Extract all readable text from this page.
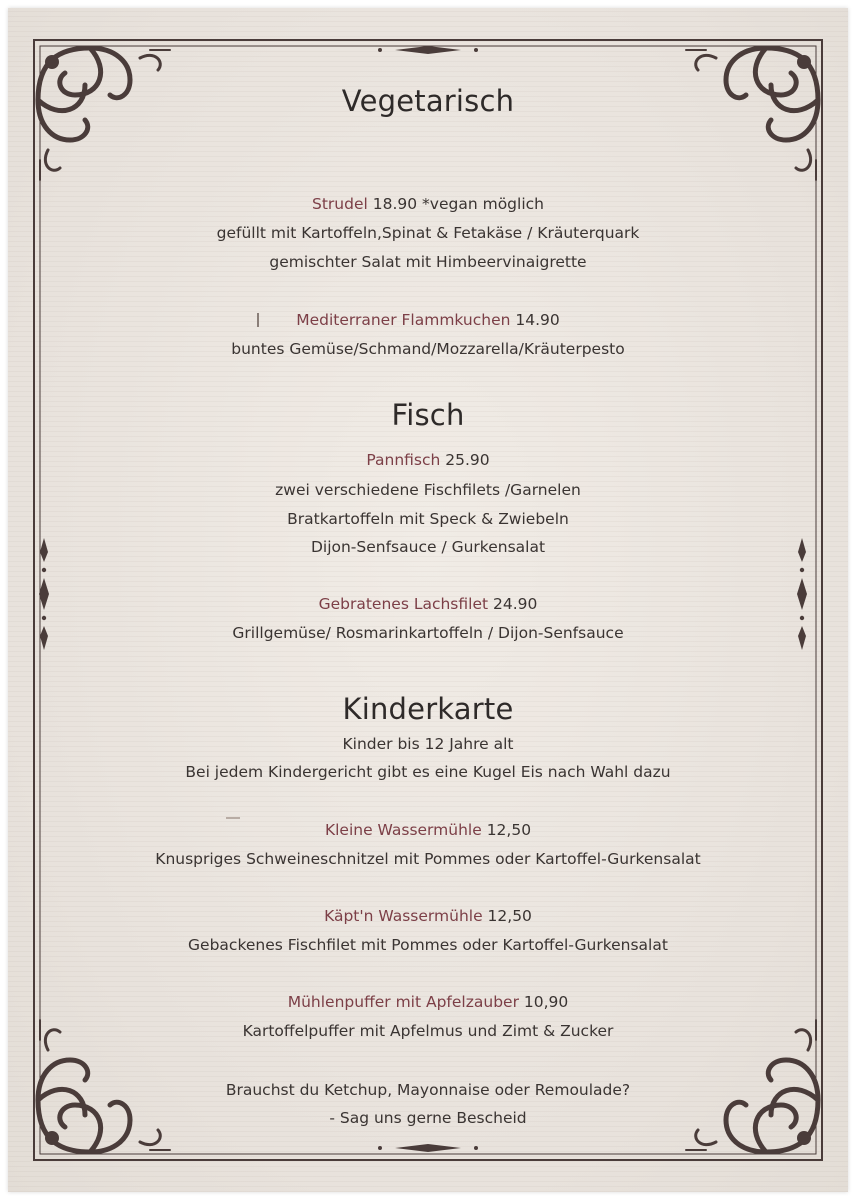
Vegetarisch
Strudel 18.90 *vegan möglich
gefüllt mit Kartoffeln,Spinat & Fetakäse / Kräuterquark
gemischter Salat mit Himbeervinaigrette
Mediterraner Flammkuchen 14.90
buntes Gemüse/Schmand/Mozzarella/Kräuterpesto
Fisch
Pannfisch 25.90
zwei verschiedene Fischfilets /Garnelen
Bratkartoffeln mit Speck & Zwiebeln
Dijon-Senfsauce / Gurkensalat
Gebratenes Lachsfilet 24.90
Grillgemüse/ Rosmarinkartoffeln / Dijon-Senfsauce
Kinderkarte
Kinder bis 12 Jahre alt
Bei jedem Kindergericht gibt es eine Kugel Eis nach Wahl dazu
Kleine Wassermühle 12,50
Knuspriges Schweineschnitzel mit Pommes oder Kartoffel-Gurkensalat
Käpt'n Wassermühle 12,50
Gebackenes Fischfilet mit Pommes oder Kartoffel-Gurkensalat
Mühlenpuffer mit Apfelzauber 10,90
Kartoffelpuffer mit Apfelmus und Zimt & Zucker
Brauchst du Ketchup, Mayonnaise oder Remoulade?
- Sag uns gerne Bescheid
